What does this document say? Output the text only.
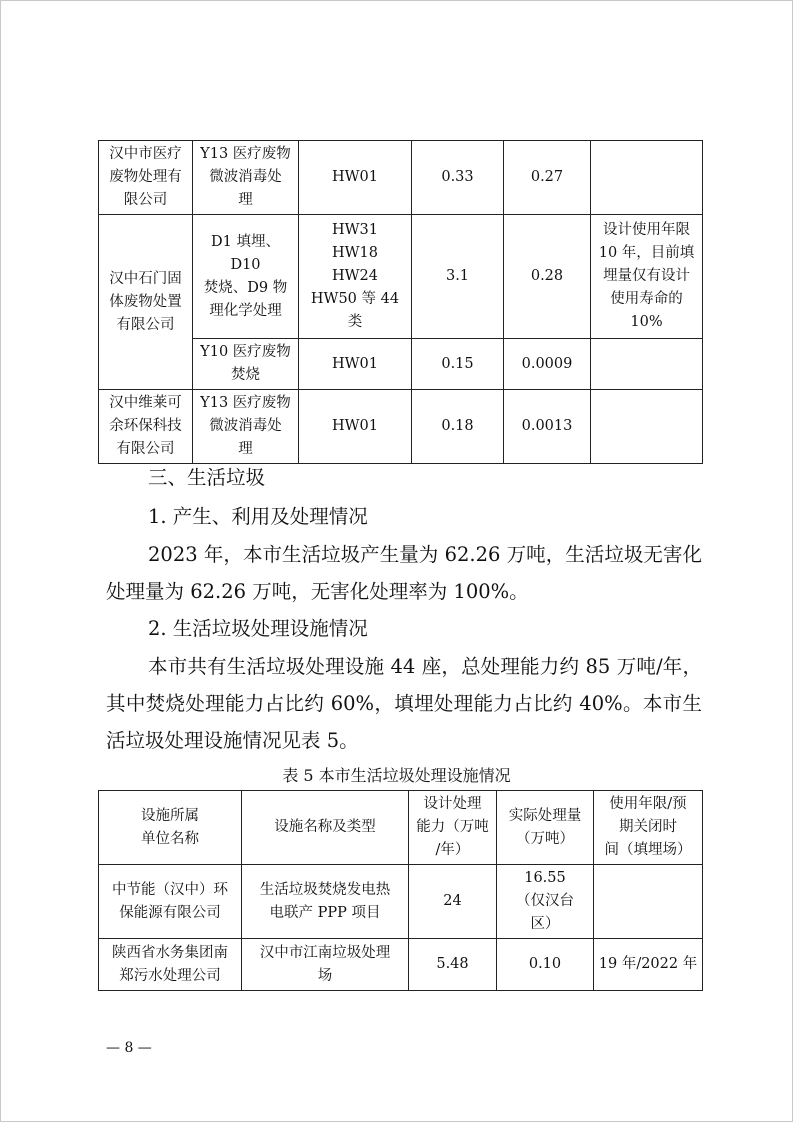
汉中市医疗
废物处理有
限公司	Y13 医疗废物
微波消毒处
理	HW01	0.33	0.27	
汉中石门固
体废物处置
有限公司	D1 填埋、D10
焚烧、D9 物
理化学处理	HW31
HW18
HW24
HW50 等 44 类	3.1	0.28	设计使用年限
10 年，目前填
埋量仅有设计
使用寿命的
10%
	Y10 医疗废物
焚烧	HW01	0.15	0.0009	
汉中维莱可
余环保科技
有限公司	Y13 医疗废物
微波消毒处
理	HW01	0.18	0.0013	
三、生活垃圾
1. 产生、利用及处理情况
2023 年，本市生活垃圾产生量为 62.26 万吨，生活垃圾无害化处理量为 62.26 万吨，无害化处理率为 100%。
2. 生活垃圾处理设施情况
本市共有生活垃圾处理设施 44 座，总处理能力约 85 万吨/年，其中焚烧处理能力占比约 60%，填埋处理能力占比约 40%。本市生活垃圾处理设施情况见表 5。
表 5 本市生活垃圾处理设施情况
设施所属
单位名称	设施名称及类型	设计处理
能力（万吨
/年）	实际处理量
（万吨）	使用年限/预
期关闭时
间（填埋场）
中节能（汉中）环
保能源有限公司	生活垃圾焚烧发电热
电联产 PPP 项目	24	16.55
（仅汉台
区）	
陕西省水务集团南
郑污水处理公司	汉中市江南垃圾处理
场	5.48	0.10	19 年/2022 年
— 8 —
